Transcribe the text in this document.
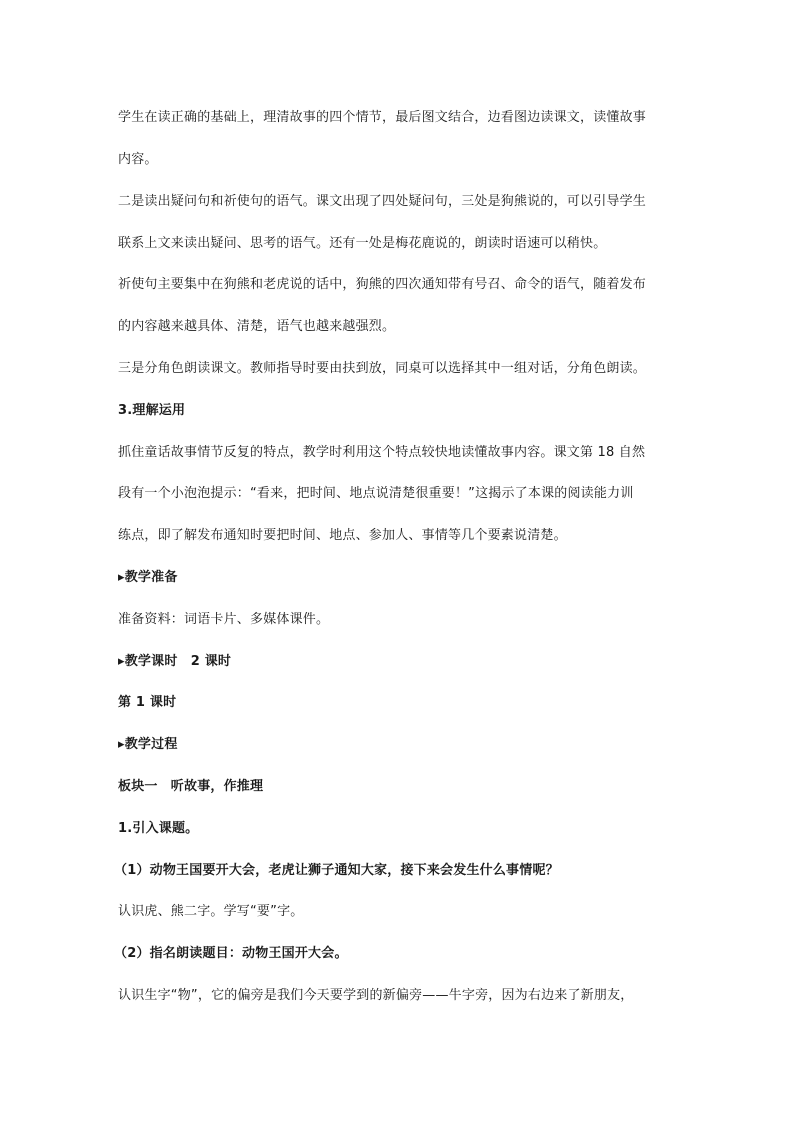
学生在读正确的基础上，理清故事的四个情节，最后图文结合，边看图边读课文，读懂故事
内容。
二是读出疑问句和祈使句的语气。课文出现了四处疑问句，三处是狗熊说的，可以引导学生
联系上文来读出疑问、思考的语气。还有一处是梅花鹿说的，朗读时语速可以稍快。
祈使句主要集中在狗熊和老虎说的话中，狗熊的四次通知带有号召、命令的语气，随着发布
的内容越来越具体、清楚，语气也越来越强烈。
三是分角色朗读课文。教师指导时要由扶到放，同桌可以选择其中一组对话，分角色朗读。
3.理解运用
抓住童话故事情节反复的特点，教学时利用这个特点较快地读懂故事内容。课文第 18 自然
段有一个小泡泡提示：“看来，把时间、地点说清楚很重要！”这揭示了本课的阅读能力训
练点，即了解发布通知时要把时间、地点、参加人、事情等几个要素说清楚。
▸教学准备
准备资料：词语卡片、多媒体课件。
▸教学课时　2 课时
第 1 课时
▸教学过程
板块一　听故事，作推理
1.引入课题。
（1）动物王国要开大会，老虎让狮子通知大家，接下来会发生什么事情呢？
认识虎、熊二字。学写“要”字。
（2）指名朗读题目：动物王国开大会。
认识生字“物”，它的偏旁是我们今天要学到的新偏旁——牛字旁，因为右边来了新朋友，
